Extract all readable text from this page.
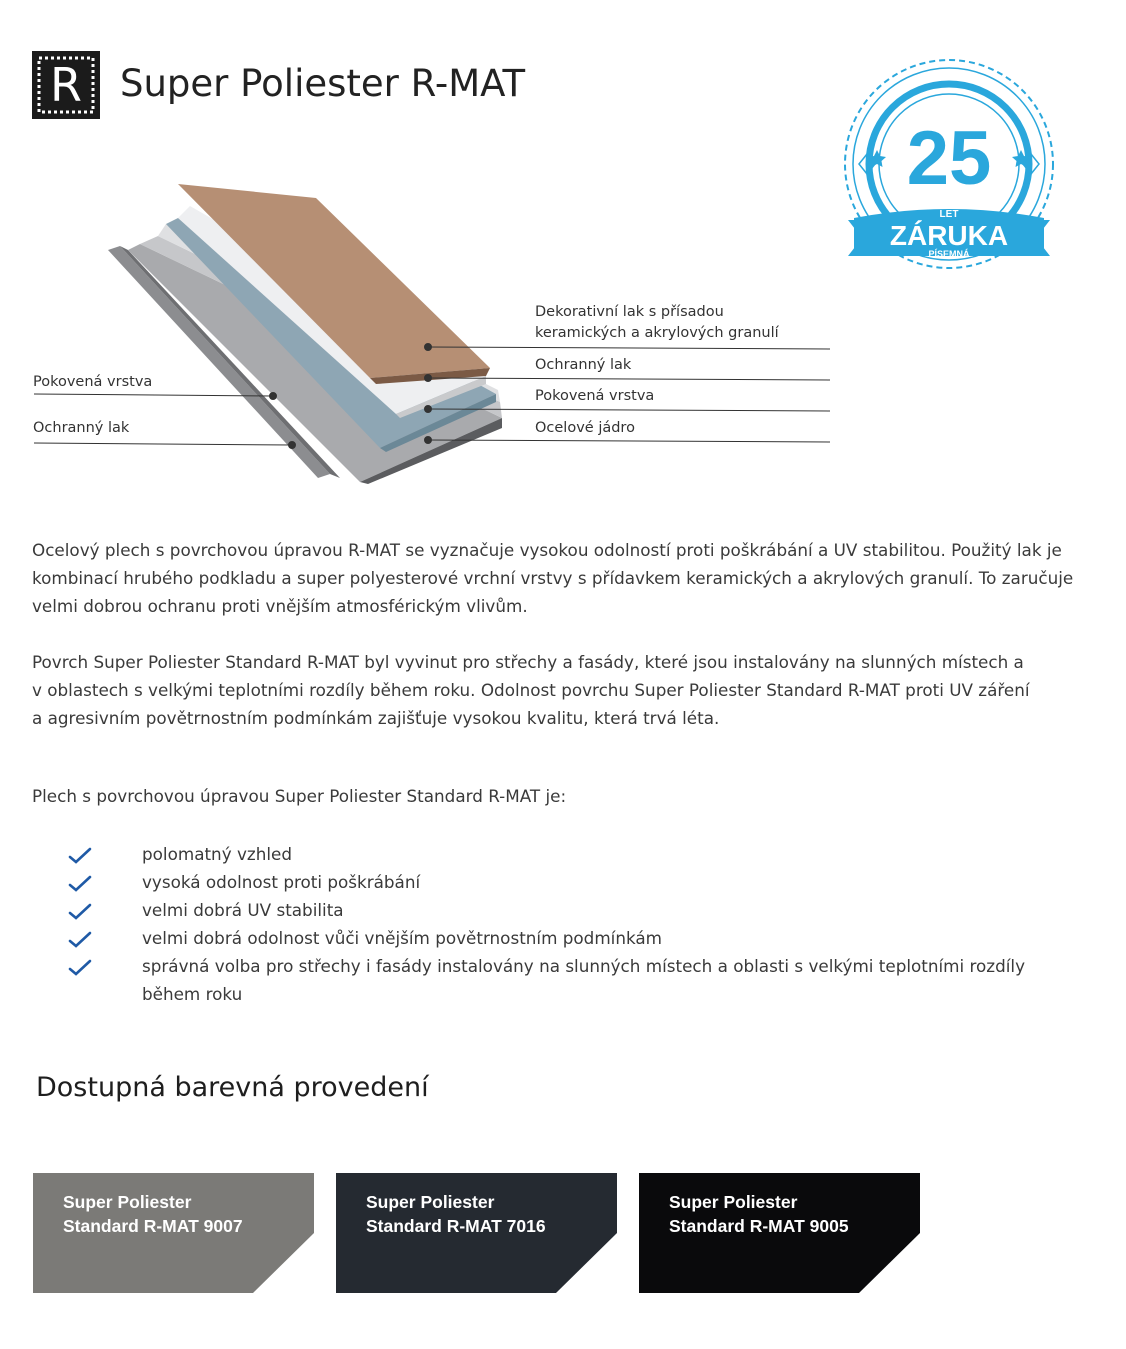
R	Super Poliester R-MAT
25
LET
ZÁRUKA
PÍSEMNÁ
Dekorativní lak s přísadou
keramických a akrylových granulí
Ochranný lak
Pokovená vrstva
Ocelové jádro
Pokovená vrstva
Ochranný lak
Ocelový plech s povrchovou úpravou R-MAT se vyznačuje vysokou odolností proti poškrábání a UV stabilitou. Použitý lak je
kombinací hrubého podkladu a super polyesterové vrchní vrstvy s přídavkem keramických a akrylových granulí. To zaručuje
velmi dobrou ochranu proti vnějším atmosférickým vlivům.
Povrch Super Poliester Standard R-MAT byl vyvinut pro střechy a fasády, které jsou instalovány na slunných místech a
v oblastech s velkými teplotními rozdíly během roku. Odolnost povrchu Super Poliester Standard R-MAT proti UV záření
a agresivním povětrnostním podmínkám zajišťuje vysokou kvalitu, která trvá léta.
Plech s povrchovou úpravou Super Poliester Standard R-MAT je:
polomatný vzhled
vysoká odolnost proti poškrábání
velmi dobrá UV stabilita
velmi dobrá odolnost vůči vnějším povětrnostním podmínkám
správná volba pro střechy i fasády instalovány na slunných místech a oblasti s velkými teplotními rozdíly
během roku
Dostupná barevná provedení
Super Poliester
Standard R-MAT 9007
Super Poliester
Standard R-MAT 7016
Super Poliester
Standard R-MAT 9005
